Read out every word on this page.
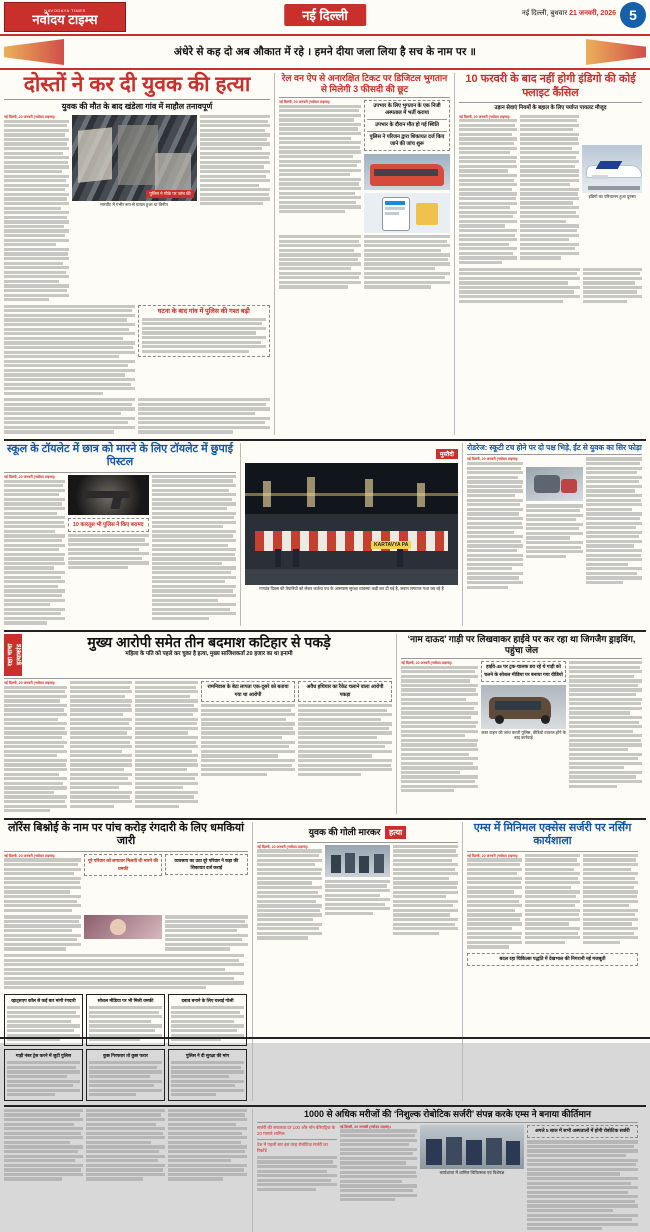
NAVODAYA TIMES
नवोदय टाइम्स	नई दिल्ली	नई दिल्ली, बुधवार 21 जनवरी, 2026 5
अंधेरे से कह दो अब औकात में रहे । हमने दीया जला लिया है सच के नाम पर ॥
दोस्तों ने कर दी युवक की हत्या
युवक की मौत के बाद खंडेला गांव में माहौल तनावपूर्ण
नई दिल्ली, 20 जनवरी (नवोदय टाइम्स)।
पुलिस ने मौके पर जांच की
मारपीट में गंभीर रूप से घायल हुआ था विनीत
घटना के बाद गांव में पुलिस की गश्त बढ़ी
रेल वन ऐप से अनारक्षित टिकट पर डिजिटल भुगतान से मिलेगी 3 फीसदी की छूट
नई दिल्ली, 20 जनवरी (नवोदय टाइम्स)।
उपभार के लिए भुगतान के एक निजी अस्पताल में भर्ती कराया
उपभार के दौरान मौत हो गई स्थिति
पुलिस ने परिजन द्वारा शिकायत दर्ज किए जाने की जांच शुरू
10 फरवरी के बाद नहीं होगी इंडिगो की कोई फ्लाइट कैंसिल
उड़ान सेवाएं नियमों के बहाल के लिए पर्याप्त पायलट मौजूद
नई दिल्ली, 20 जनवरी (नवोदय टाइम्स)।
इंडिगो का परिचालन हुआ दुरुस्त
स्कूल के टॉयलेट में छात्र को मारने के लिए टॉयलेट में छुपाई पिस्टल
नई दिल्ली, 20 जनवरी (नवोदय टाइम्स)।
10 कारतूस भी पुलिस ने किए बरामद
मुस्तैदी
KARTAVYA PA
गणतंत्र दिवस की तैयारियों को लेकर कर्तव्य पथ के आसपास सुरक्षा व्यवस्था कड़ी कर दी गई है, जवान लगातार गश्त कर रहे हैं
रोडरेज: स्कूटी टच होने पर दो पक्ष भिड़े, ईंट से युवक का सिर फोड़ा
नई दिल्ली, 20 जनवरी (नवोदय टाइम्स)।
रक्षा चाचा हत्याकांड
मुख्य आरोपी समेत तीन बदमाश कटिहार से पकड़े
महिला के पति को पहले कर चुका है हत्या, मुख्य साजिशकर्ता 20 हजार का था इनामी
नई दिल्ली, 20 जनवरी (नवोदय टाइम्स)।
रामनिवास के बेटा लापता एक-दूसरे को बताया गया था आरोपी
अवैध हथियार का रैकेट चलाने वाला आरोपी पकड़ा
‘नाम दाऊद’ गाड़ी पर लिखवाकर हाईवे पर कर रहा था जिगजैग ड्राइविंग, पहुंचा जेल
नई दिल्ली, 20 जनवरी (नवोदय टाइम्स)।
हाईवे-48 पर ट्रक-चालक डरा रहे थे गाड़ी को चलने के सोशल मीडिया पर बनाया गया वीडियो
जब्त वाहन की जांच करती पुलिस, वीडियो वायरल होने के बाद कार्रवाई
लॉरेंस बिश्नोई के नाम पर पांच करोड़ रंगदारी के लिए धमकियां जारी
नई दिल्ली, 20 जनवरी (नवोदय टाइम्स)।
पूरे परिवार को लगातार मिलती थी मारने की धमकी
व्यवसाय का उठा दूरे परिवार ने कहा की शिकायत दर्ज कराई
व्हाट्सएप कॉल से कई बार मांगी रंगदारी	सोशल मीडिया पर भी मिली धमकी	दबाव बनाने के लिए चलाई गोली
गाड़ी नंबर ट्रेस करने में जुटी पुलिस	कुछ गिरफ्तार तो कुछ फरार	पुलिस ने दी सुरक्षा की मांग
युवक की गोली मारकर हत्या
नई दिल्ली, 20 जनवरी (नवोदय टाइम्स)।
एम्स में मिनिमल एक्सेस सर्जरी पर नर्सिंग कार्यशाला
नई दिल्ली, 20 जनवरी (नवोदय टाइम्स)।
बदल रहा चिकित्सा पद्धति में देखभाल की निगरानी नई मजबूती
1000 से अधिक मरीजों की ‘निशुल्क रोबोटिक सर्जरी’ संपन्न करके एम्स ने बनाया कीर्तिमान
सर्जरी की सफलता दर 100 और नॉन बेरिएट्रिक के 20 मामले शामिल
देश में पहली बार इस तरह रोबोटिक सर्जरी का रिकॉर्ड
नई दिल्ली, 20 जनवरी (नवोदय टाइम्स)।
कार्यशाला में शामिल चिकित्सक एवं विशेषज्ञ
अगले 5 साल में सभी अस्पतालों में होगी रोबोटिक सर्जरी
